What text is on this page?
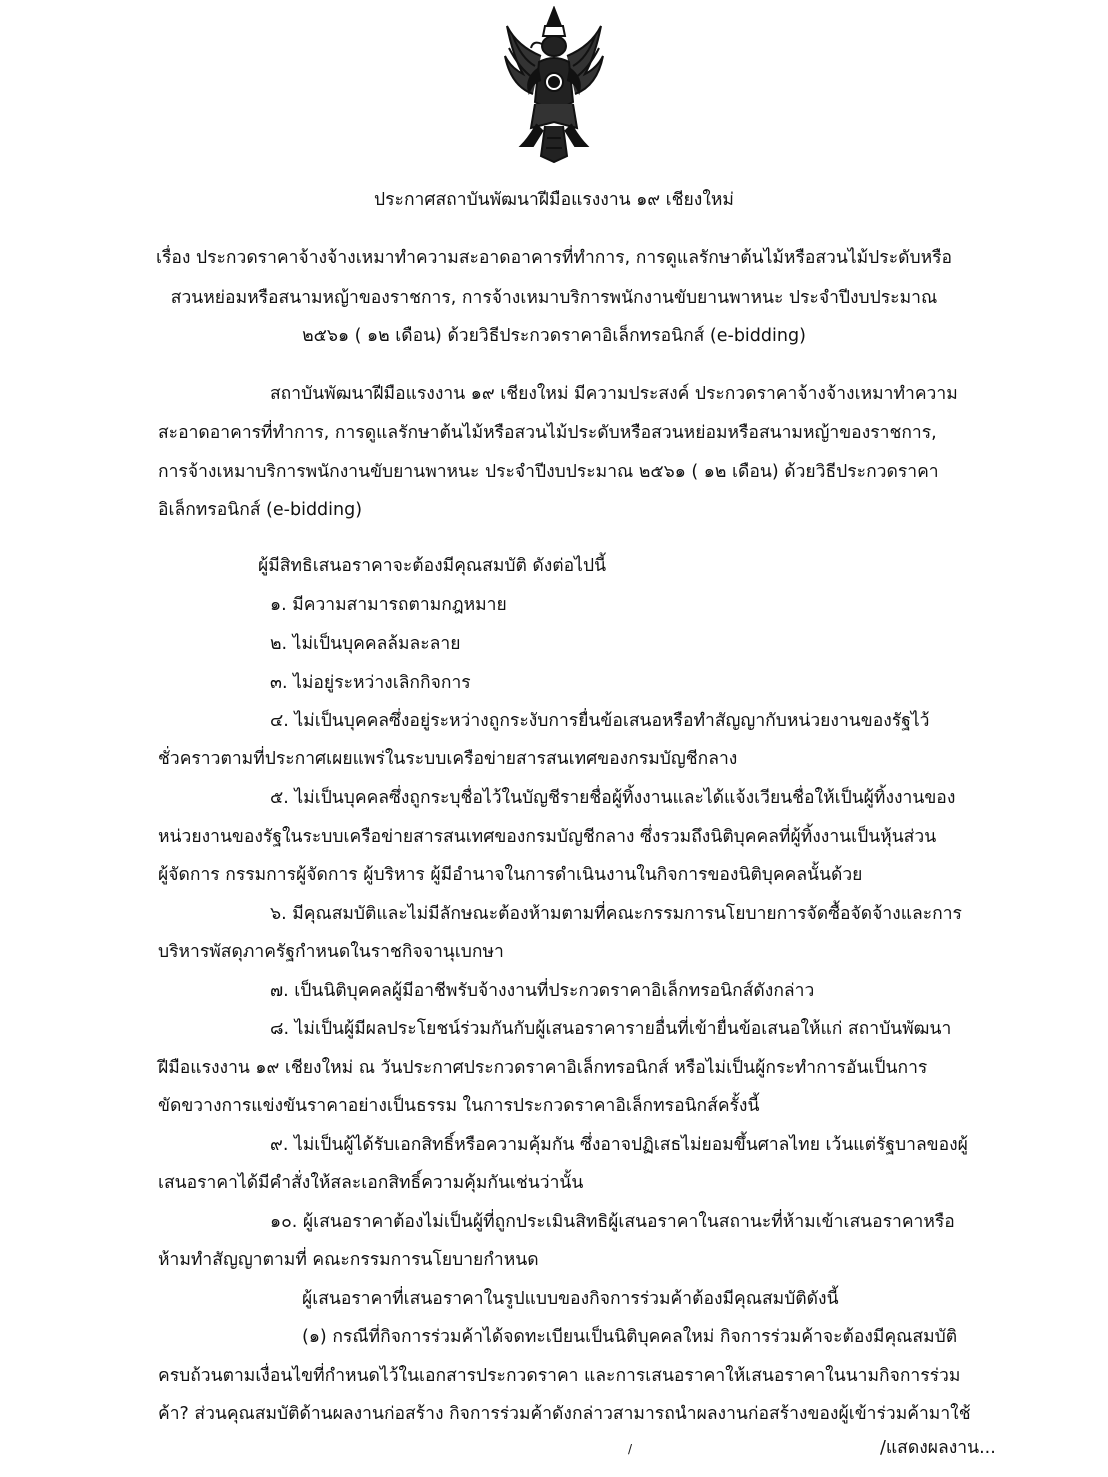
ประกาศสถาบันพัฒนาฝีมือแรงงาน ๑๙ เชียงใหม่
เรื่อง ประกวดราคาจ้างจ้างเหมาทำความสะอาดอาคารที่ทำการ, การดูแลรักษาต้นไม้หรือสวนไม้ประดับหรือ
สวนหย่อมหรือสนามหญ้าของราชการ, การจ้างเหมาบริการพนักงานขับยานพาหนะ ประจำปีงบประมาณ
๒๕๖๑ ( ๑๒ เดือน) ด้วยวิธีประกวดราคาอิเล็กทรอนิกส์ (e-bidding)
สถาบันพัฒนาฝีมือแรงงาน ๑๙ เชียงใหม่ มีความประสงค์ ประกวดราคาจ้างจ้างเหมาทำความ
สะอาดอาคารที่ทำการ, การดูแลรักษาต้นไม้หรือสวนไม้ประดับหรือสวนหย่อมหรือสนามหญ้าของราชการ,
การจ้างเหมาบริการพนักงานขับยานพาหนะ ประจำปีงบประมาณ ๒๕๖๑ ( ๑๒ เดือน) ด้วยวิธีประกวดราคา
อิเล็กทรอนิกส์ (e-bidding)
ผู้มีสิทธิเสนอราคาจะต้องมีคุณสมบัติ ดังต่อไปนี้
๑. มีความสามารถตามกฎหมาย
๒. ไม่เป็นบุคคลล้มละลาย
๓. ไม่อยู่ระหว่างเลิกกิจการ
๔. ไม่เป็นบุคคลซึ่งอยู่ระหว่างถูกระงับการยื่นข้อเสนอหรือทำสัญญากับหน่วยงานของรัฐไว้
ชั่วคราวตามที่ประกาศเผยแพร่ในระบบเครือข่ายสารสนเทศของกรมบัญชีกลาง
๕. ไม่เป็นบุคคลซึ่งถูกระบุชื่อไว้ในบัญชีรายชื่อผู้ทิ้งงานและได้แจ้งเวียนชื่อให้เป็นผู้ทิ้งงานของ
หน่วยงานของรัฐในระบบเครือข่ายสารสนเทศของกรมบัญชีกลาง ซึ่งรวมถึงนิติบุคคลที่ผู้ทิ้งงานเป็นหุ้นส่วน
ผู้จัดการ กรรมการผู้จัดการ ผู้บริหาร ผู้มีอำนาจในการดำเนินงานในกิจการของนิติบุคคลนั้นด้วย
๖. มีคุณสมบัติและไม่มีลักษณะต้องห้ามตามที่คณะกรรมการนโยบายการจัดซื้อจัดจ้างและการ
บริหารพัสดุภาครัฐกำหนดในราชกิจจานุเบกษา
๗. เป็นนิติบุคคลผู้มีอาชีพรับจ้างงานที่ประกวดราคาอิเล็กทรอนิกส์ดังกล่าว
๘. ไม่เป็นผู้มีผลประโยชน์ร่วมกันกับผู้เสนอราคารายอื่นที่เข้ายื่นข้อเสนอให้แก่ สถาบันพัฒนา
ฝีมือแรงงาน ๑๙ เชียงใหม่ ณ วันประกาศประกวดราคาอิเล็กทรอนิกส์ หรือไม่เป็นผู้กระทำการอันเป็นการ
ขัดขวางการแข่งขันราคาอย่างเป็นธรรม ในการประกวดราคาอิเล็กทรอนิกส์ครั้งนี้
๙. ไม่เป็นผู้ได้รับเอกสิทธิ์หรือความคุ้มกัน ซึ่งอาจปฏิเสธไม่ยอมขึ้นศาลไทย เว้นแต่รัฐบาลของผู้
เสนอราคาได้มีคำสั่งให้สละเอกสิทธิ์ความคุ้มกันเช่นว่านั้น
๑๐. ผู้เสนอราคาต้องไม่เป็นผู้ที่ถูกประเมินสิทธิผู้เสนอราคาในสถานะที่ห้ามเข้าเสนอราคาหรือ
ห้ามทำสัญญาตามที่ คณะกรรมการนโยบายกำหนด
ผู้เสนอราคาที่เสนอราคาในรูปแบบของกิจการร่วมค้าต้องมีคุณสมบัติดังนี้
(๑) กรณีที่กิจการร่วมค้าได้จดทะเบียนเป็นนิติบุคคลใหม่ กิจการร่วมค้าจะต้องมีคุณสมบัติ
ครบถ้วนตามเงื่อนไขที่กำหนดไว้ในเอกสารประกวดราคา และการเสนอราคาให้เสนอราคาในนามกิจการร่วม
ค้า? ส่วนคุณสมบัติด้านผลงานก่อสร้าง กิจการร่วมค้าดังกล่าวสามารถนำผลงานก่อสร้างของผู้เข้าร่วมค้ามาใช้
/	/แสดงผลงาน...
